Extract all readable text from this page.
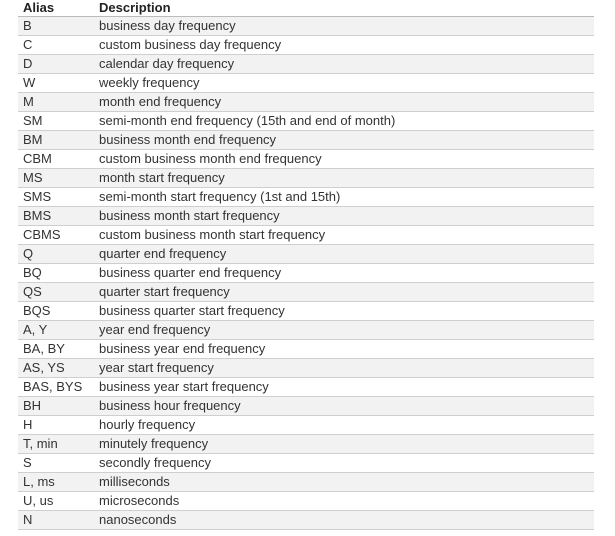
Alias	Description
B	business day frequency
C	custom business day frequency
D	calendar day frequency
W	weekly frequency
M	month end frequency
SM	semi-month end frequency (15th and end of month)
BM	business month end frequency
CBM	custom business month end frequency
MS	month start frequency
SMS	semi-month start frequency (1st and 15th)
BMS	business month start frequency
CBMS	custom business month start frequency
Q	quarter end frequency
BQ	business quarter end frequency
QS	quarter start frequency
BQS	business quarter start frequency
A, Y	year end frequency
BA, BY	business year end frequency
AS, YS	year start frequency
BAS, BYS	business year start frequency
BH	business hour frequency
H	hourly frequency
T, min	minutely frequency
S	secondly frequency
L, ms	milliseconds
U, us	microseconds
N	nanoseconds
